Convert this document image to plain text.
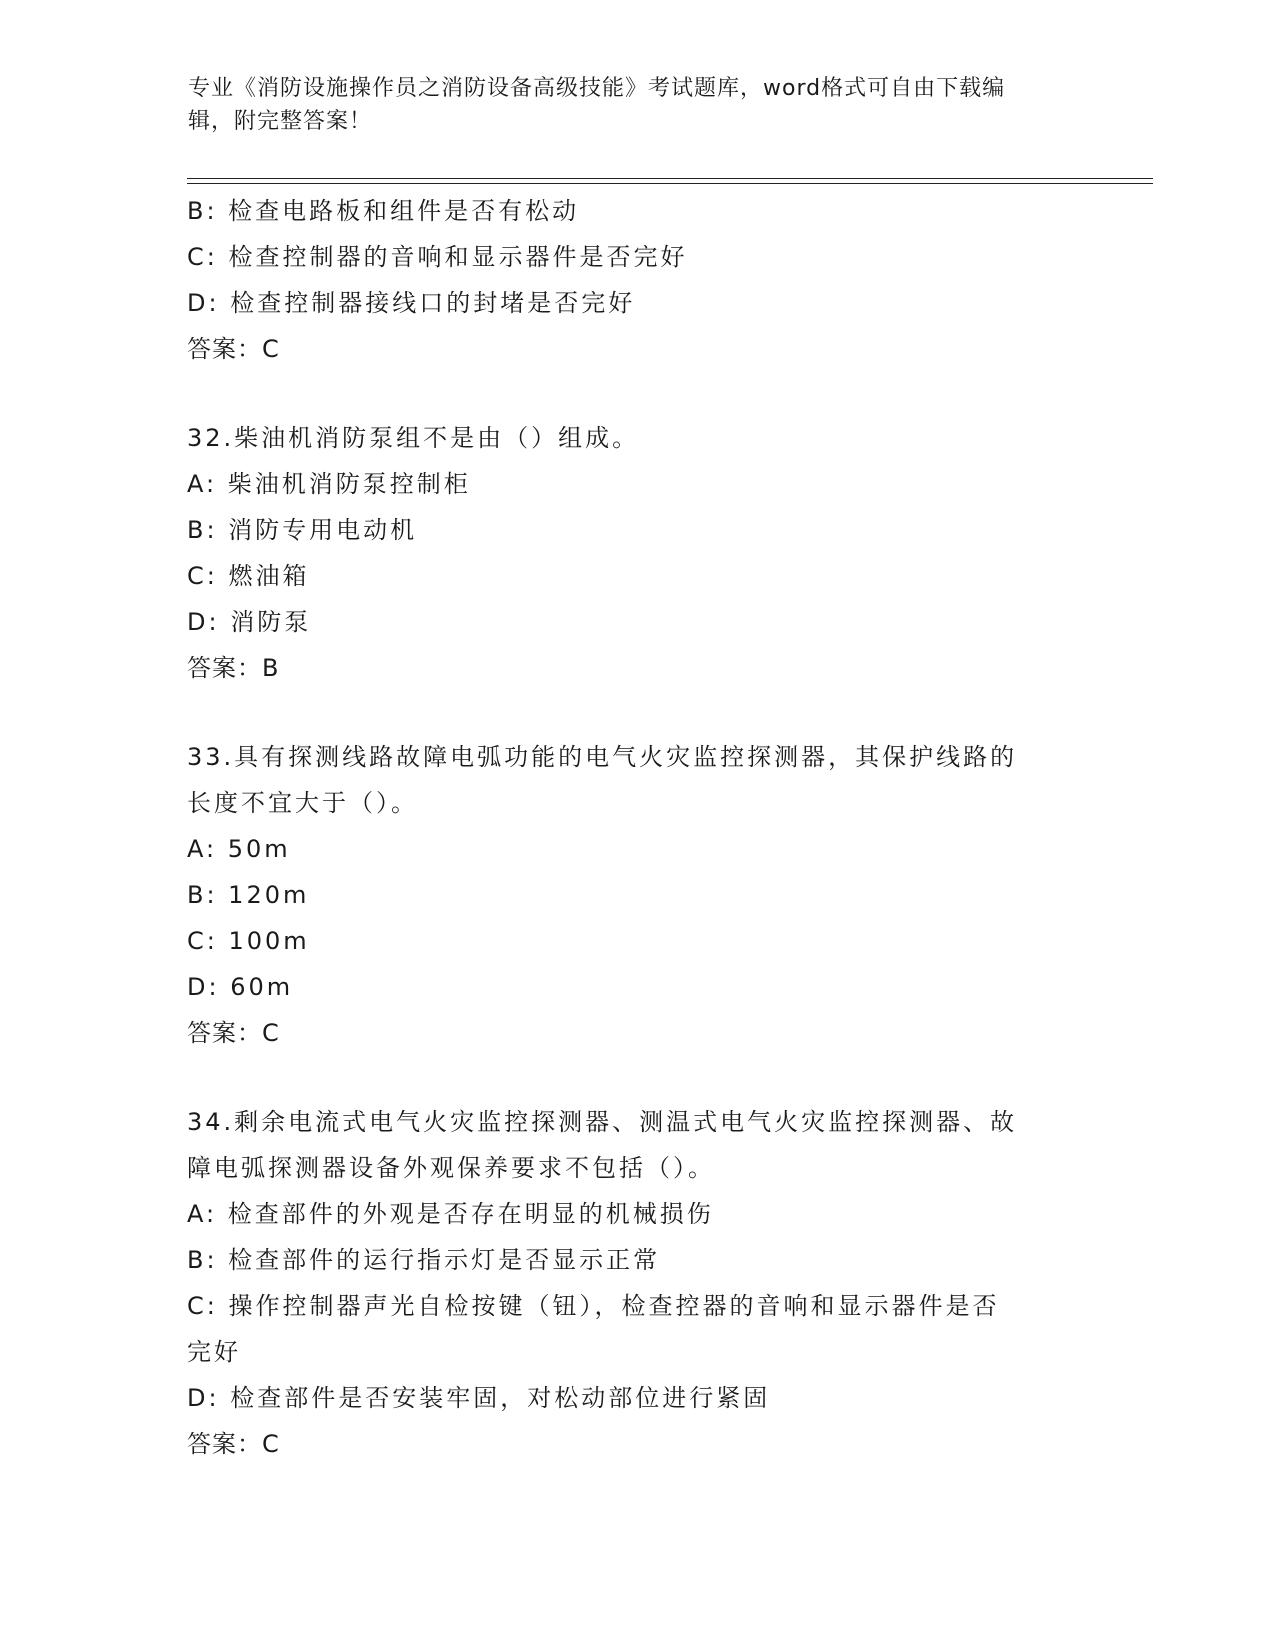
专业《消防设施操作员之消防设备高级技能》考试题库，word格式可自由下载编
辑，附完整答案！
B: 检查电路板和组件是否有松动
C: 检查控制器的音响和显示器件是否完好
D: 检查控制器接线口的封堵是否完好
答案：C
32.柴油机消防泵组不是由（）组成。
A: 柴油机消防泵控制柜
B: 消防专用电动机
C: 燃油箱
D: 消防泵
答案：B
33.具有探测线路故障电弧功能的电气火灾监控探测器，其保护线路的
长度不宜大于（）。
A: 50m
B: 120m
C: 100m
D: 60m
答案：C
34.剩余电流式电气火灾监控探测器、测温式电气火灾监控探测器、故
障电弧探测器设备外观保养要求不包括（）。
A: 检查部件的外观是否存在明显的机械损伤
B: 检查部件的运行指示灯是否显示正常
C: 操作控制器声光自检按键（钮），检查控器的音响和显示器件是否
完好
D: 检查部件是否安装牢固，对松动部位进行紧固
答案：C
